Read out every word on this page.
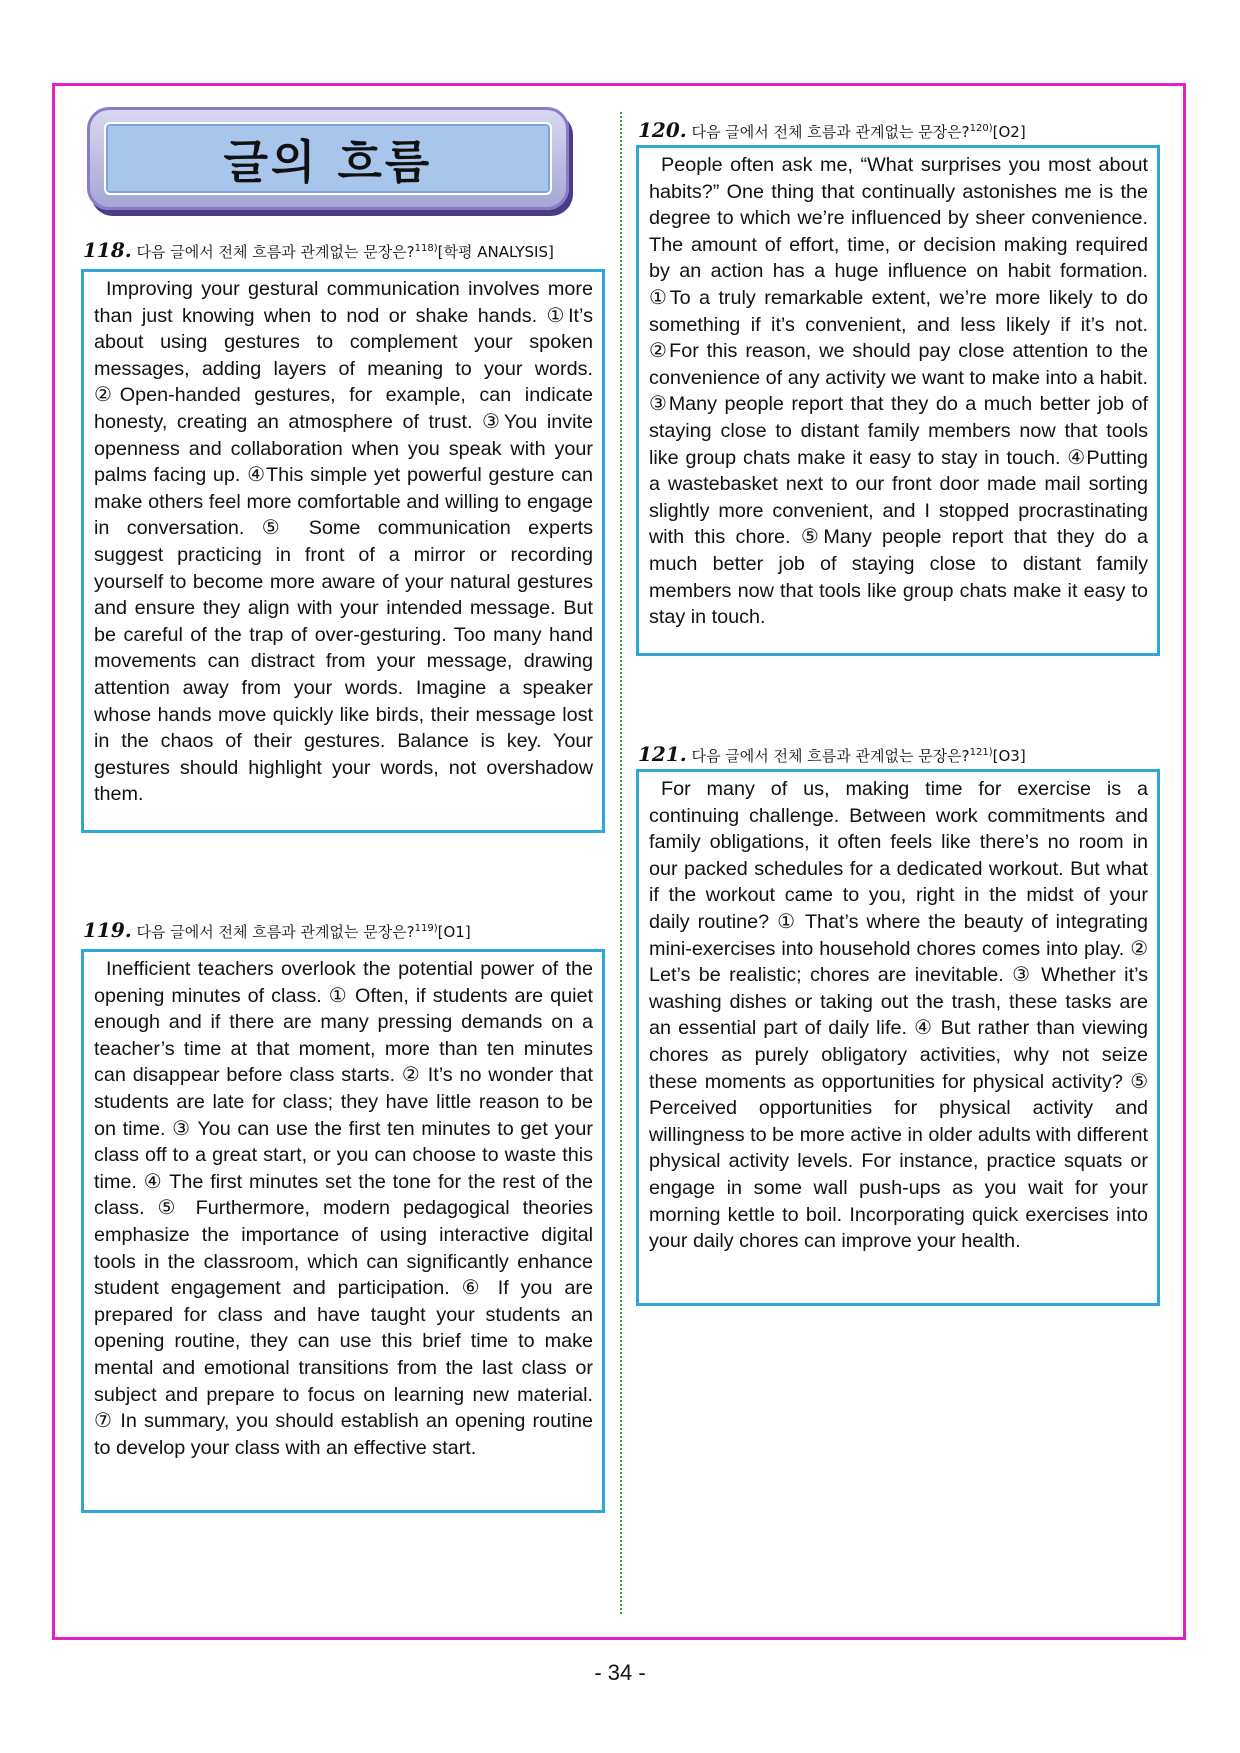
글의 흐름
118. 다음 글에서 전체 흐름과 관계없는 문장은?$^{118)}$[학평 ANALYSIS]

Improving your gestural communication involves more than just knowing when to nod or shake hands. ①It’s about using gestures to complement your spoken messages, adding layers of meaning to your words. ②Open-handed gestures, for example, can indicate honesty, creating an atmosphere of trust. ③You invite openness and collaboration when you speak with your palms facing up. ④This simple yet powerful gesture can make others feel more comfortable and willing to engage in conversation. ⑤ Some communication experts suggest practicing in front of a mirror or recording yourself to become more aware of your natural gestures and ensure they align with your intended message. But be careful of the trap of over-gesturing. Too many hand movements can distract from your message, drawing attention away from your words. Imagine a speaker whose hands move quickly like birds, their message lost in the chaos of their gestures. Balance is key. Your gestures should highlight your words, not overshadow them.

119. 다음 글에서 전체 흐름과 관계없는 문장은?$^{119)}$[O1]

Inefficient teachers overlook the potential power of the opening minutes of class. ① Often, if students are quiet enough and if there are many pressing demands on a teacher’s time at that moment, more than ten minutes can disappear before class starts. ② It’s no wonder that students are late for class; they have little reason to be on time. ③ You can use the first ten minutes to get your class off to a great start, or you can choose to waste this time. ④ The first minutes set the tone for the rest of the class. ⑤ Furthermore, modern pedagogical theories emphasize the importance of using interactive digital tools in the classroom, which can significantly enhance student engagement and participation. ⑥ If you are prepared for class and have taught your students an opening routine, they can use this brief time to make mental and emotional transitions from the last class or subject and prepare to focus on learning new material. ⑦ In summary, you should establish an opening routine to develop your class with an effective start.

120. 다음 글에서 전체 흐름과 관계없는 문장은?$^{120)}$[O2]

People often ask me, “What surprises you most about habits?” One thing that continually astonishes me is the degree to which we’re influenced by sheer convenience. The amount of effort, time, or decision making required by an action has a huge influence on habit formation. ①To a truly remarkable extent, we’re more likely to do something if it’s convenient, and less likely if it’s not. ②For this reason, we should pay close attention to the convenience of any activity we want to make into a habit. ③Many people report that they do a much better job of staying close to distant family members now that tools like group chats make it easy to stay in touch. ④Putting a wastebasket next to our front door made mail sorting slightly more convenient, and I stopped procrastinating with this chore. ⑤Many people report that they do a much better job of staying close to distant family members now that tools like group chats make it easy to stay in touch.

121. 다음 글에서 전체 흐름과 관계없는 문장은?$^{121)}$[O3]

For many of us, making time for exercise is a continuing challenge. Between work commitments and family obligations, it often feels like there’s no room in our packed schedules for a dedicated workout. But what if the workout came to you, right in the midst of your daily routine? ① That’s where the beauty of integrating mini-exercises into household chores comes into play. ② Let’s be realistic; chores are inevitable. ③ Whether it’s washing dishes or taking out the trash, these tasks are an essential part of daily life. ④ But rather than viewing chores as purely obligatory activities, why not seize these moments as opportunities for physical activity? ⑤ Perceived opportunities for physical activity and willingness to be more active in older adults with different physical activity levels. For instance, practice squats or engage in some wall push-ups as you wait for your morning kettle to boil. Incorporating quick exercises into your daily chores can improve your health.

- 34 -
